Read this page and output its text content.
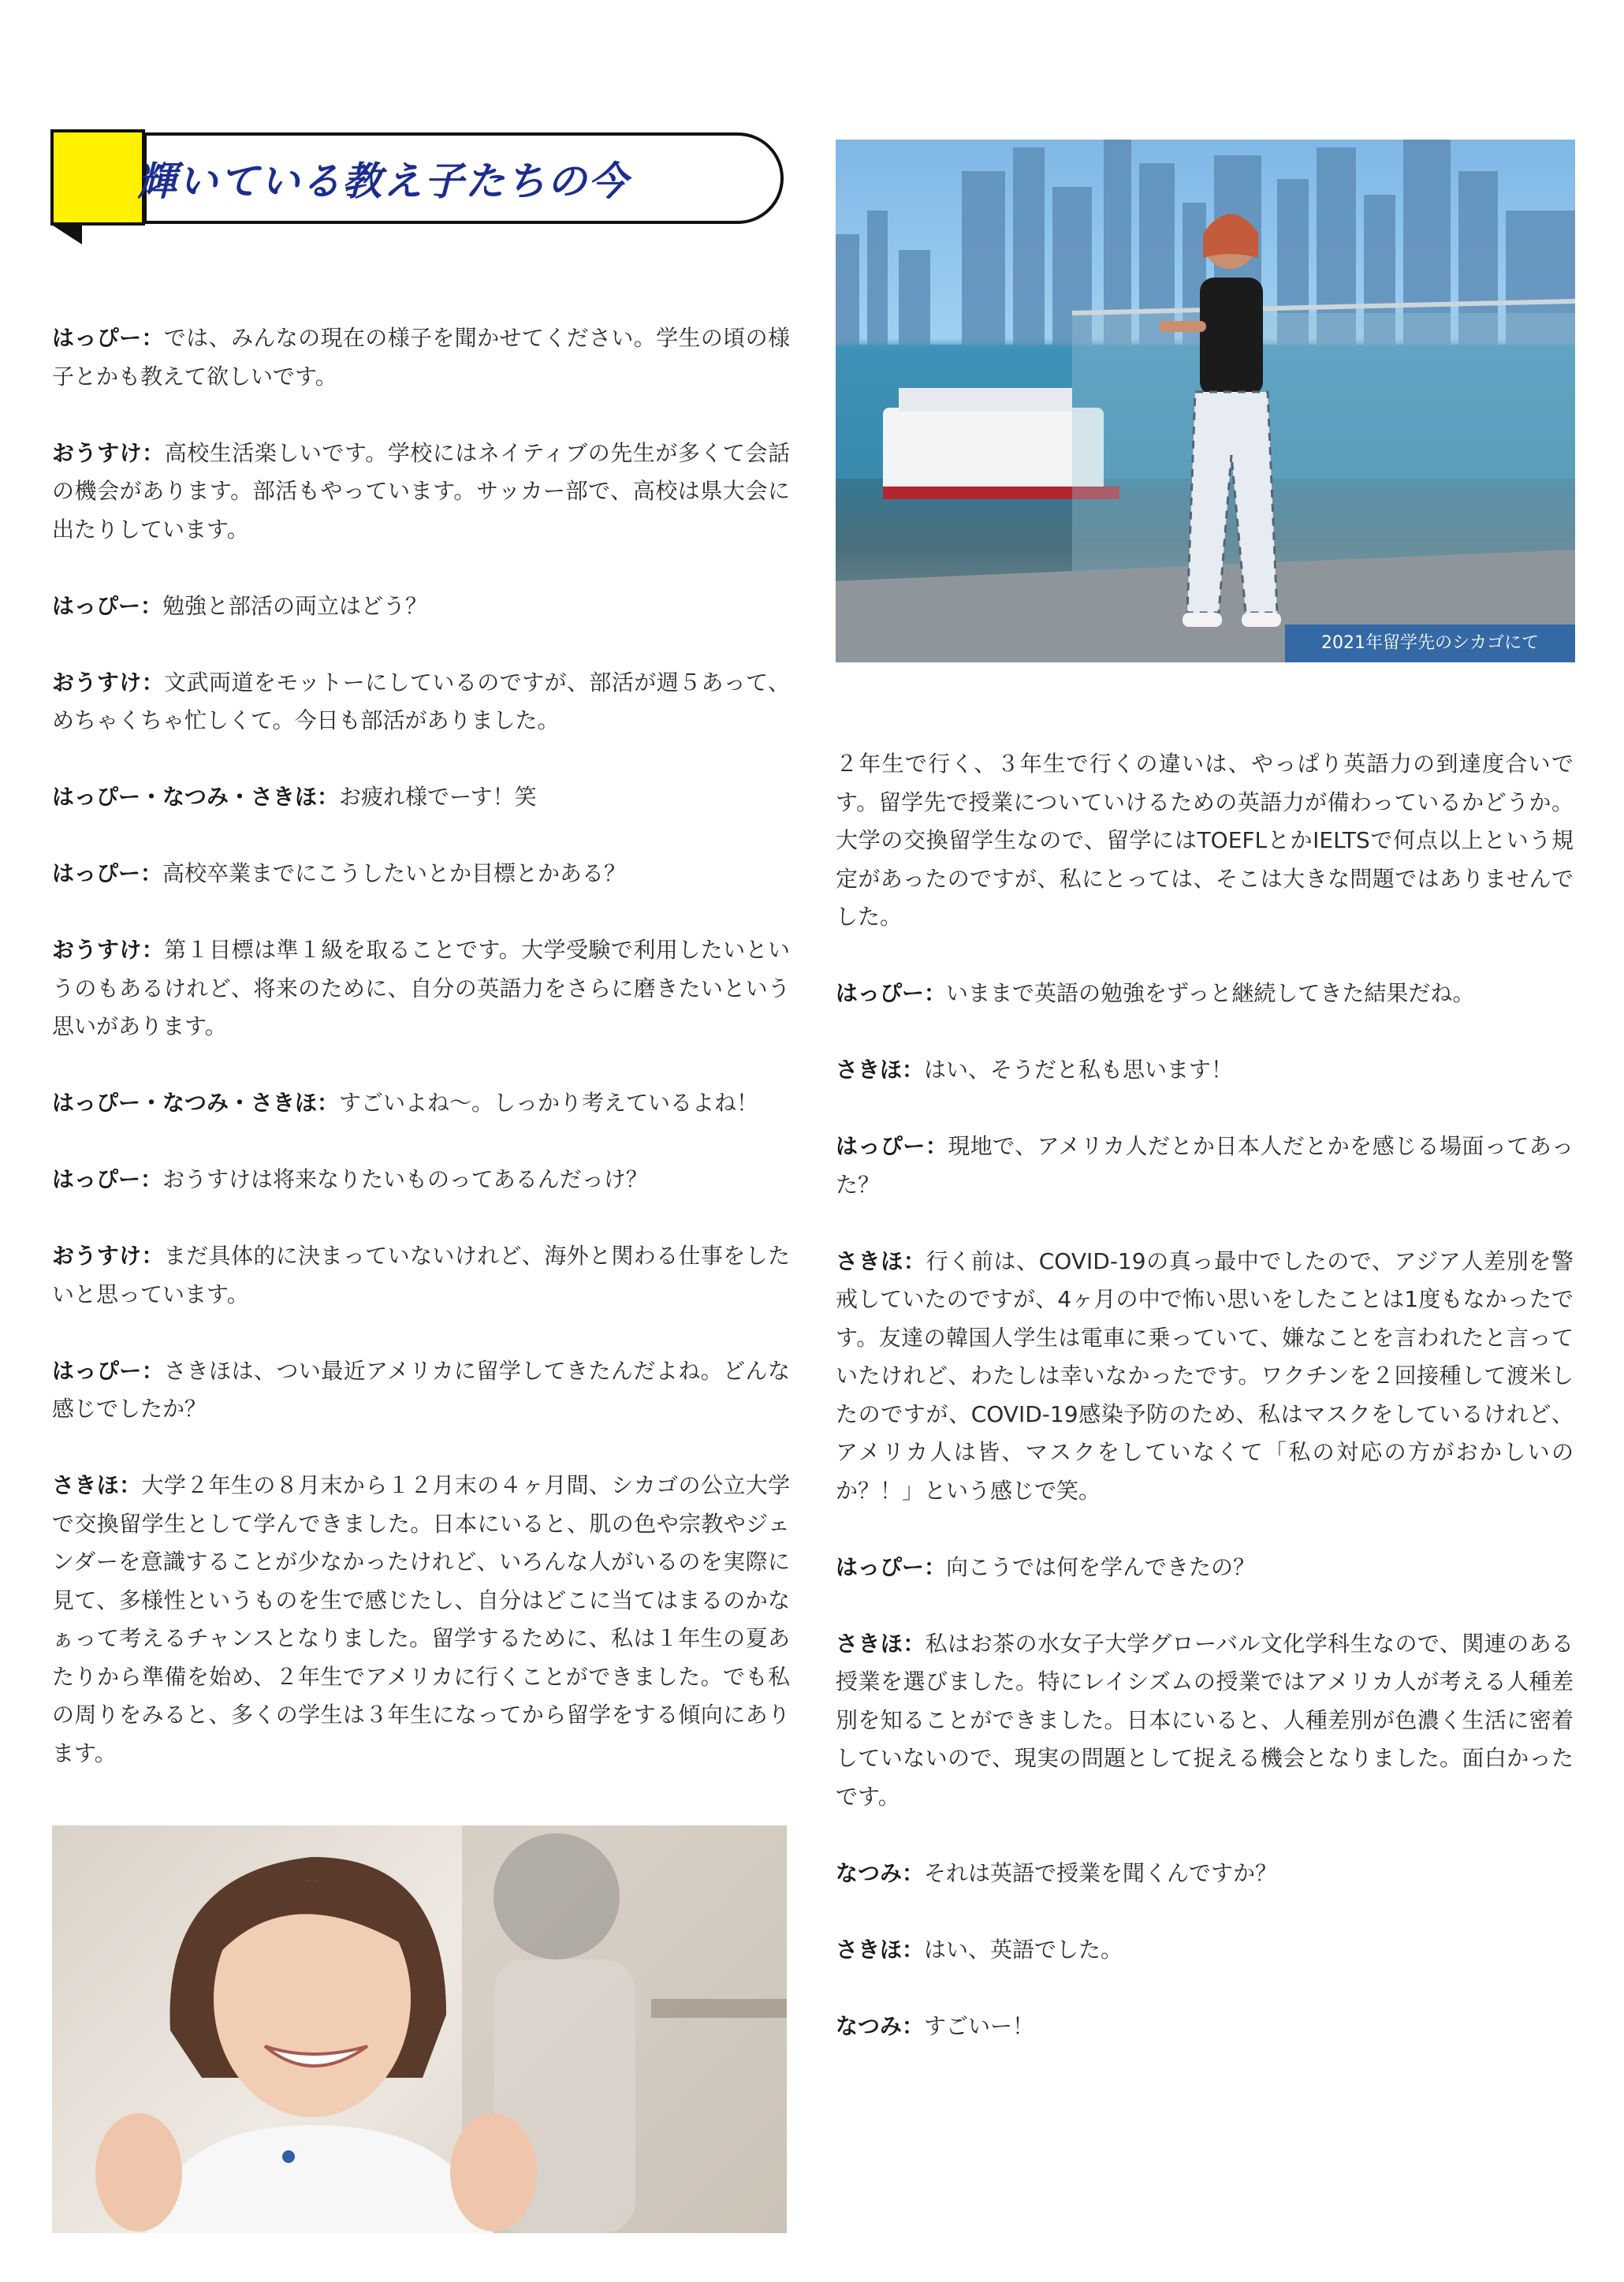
輝いている教え子たちの今

はっぴー：では、みんなの現在の様子を聞かせてください。学生の頃の様子とかも教えて欲しいです。

おうすけ：高校生活楽しいです。学校にはネイティブの先生が多くて会話の機会があります。部活もやっています。サッカー部で、高校は県大会に出たりしています。

はっぴー：勉強と部活の両立はどう？

おうすけ：文武両道をモットーにしているのですが、部活が週５あって、めちゃくちゃ忙しくて。今日も部活がありました。

はっぴー・なつみ・さきほ：お疲れ様でーす！笑

はっぴー：高校卒業までにこうしたいとか目標とかある？

おうすけ：第１目標は準１級を取ることです。大学受験で利用したいというのもあるけれど、将来のために、自分の英語力をさらに磨きたいという思いがあります。

はっぴー・なつみ・さきほ：すごいよね〜。しっかり考えているよね！

はっぴー：おうすけは将来なりたいものってあるんだっけ？

おうすけ：まだ具体的に決まっていないけれど、海外と関わる仕事をしたいと思っています。

はっぴー：さきほは、つい最近アメリカに留学してきたんだよね。どんな感じでしたか？

さきほ：大学２年生の８月末から１２月末の４ヶ月間、シカゴの公立大学で交換留学生として学んできました。日本にいると、肌の色や宗教やジェンダーを意識することが少なかったけれど、いろんな人がいるのを実際に見て、多様性というものを生で感じたし、自分はどこに当てはまるのかなぁって考えるチャンスとなりました。留学するために、私は１年生の夏あたりから準備を始め、２年生でアメリカに行くことができました。でも私の周りをみると、多くの学生は３年生になってから留学をする傾向にあります。

2021年留学先のシカゴにて

２年生で行く、３年生で行くの違いは、やっぱり英語力の到達度合いです。留学先で授業についていけるための英語力が備わっているかどうか。大学の交換留学生なので、留学にはTOEFLとかIELTSで何点以上という規定があったのですが、私にとっては、そこは大きな問題ではありませんでした。

はっぴー：いままで英語の勉強をずっと継続してきた結果だね。

さきほ：はい、そうだと私も思います！

はっぴー：現地で、アメリカ人だとか日本人だとかを感じる場面ってあった？

さきほ：行く前は、COVID-19の真っ最中でしたので、アジア人差別を警戒していたのですが、4ヶ月の中で怖い思いをしたことは1度もなかったです。友達の韓国人学生は電車に乗っていて、嫌なことを言われたと言っていたけれど、わたしは幸いなかったです。ワクチンを２回接種して渡米したのですが、COVID-19感染予防のため、私はマスクをしているけれど、アメリカ人は皆、マスクをしていなくて「私の対応の方がおかしいのか？！」という感じで笑。

はっぴー：向こうでは何を学んできたの？

さきほ：私はお茶の水女子大学グローバル文化学科生なので、関連のある授業を選びました。特にレイシズムの授業ではアメリカ人が考える人種差別を知ることができました。日本にいると、人種差別が色濃く生活に密着していないので、現実の問題として捉える機会となりました。面白かったです。

なつみ：それは英語で授業を聞くんですか？

さきほ：はい、英語でした。

なつみ：すごいー！
